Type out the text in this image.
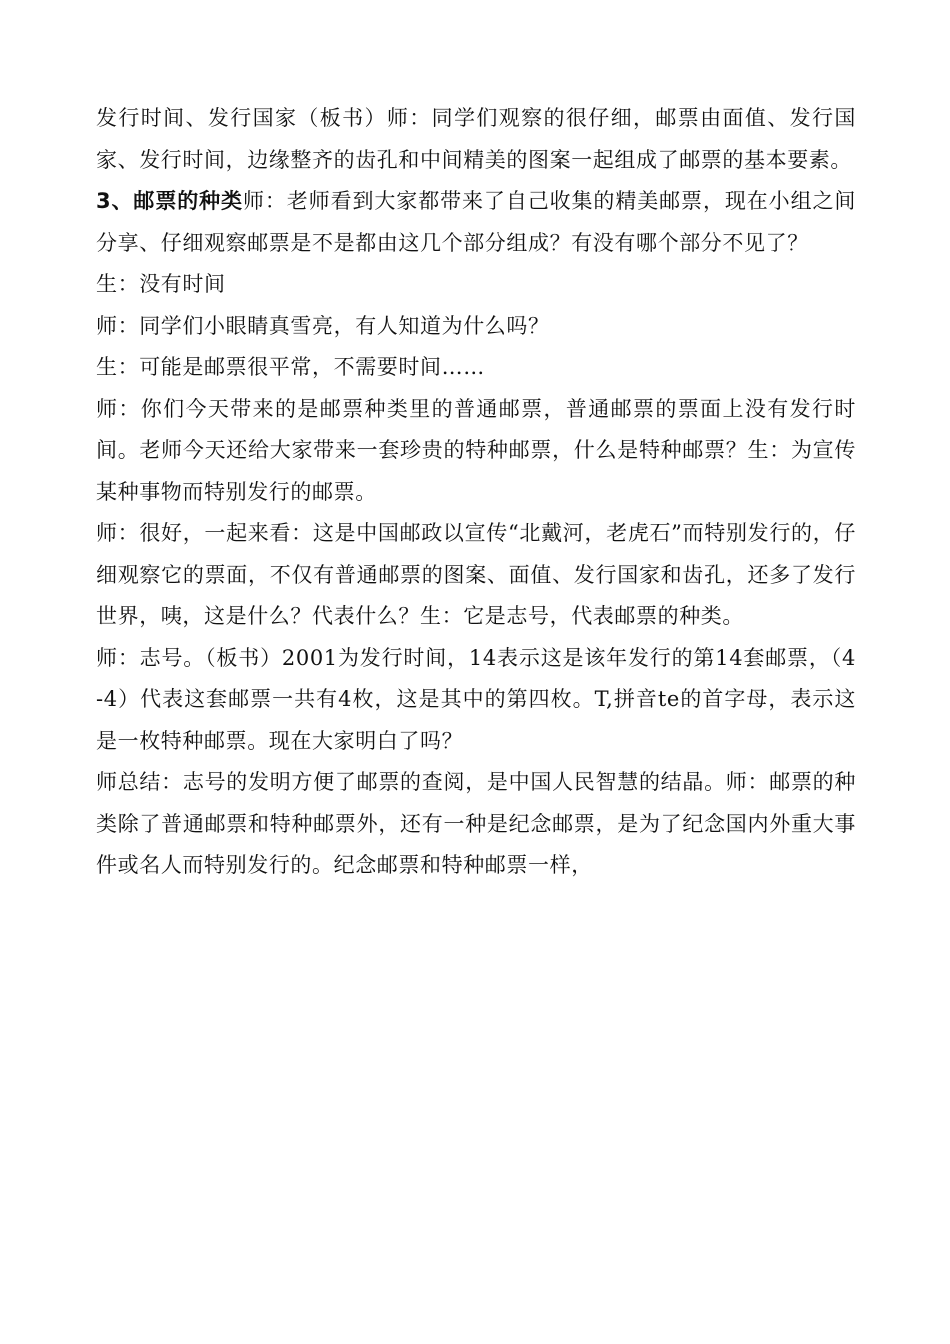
发行时间、发行国家（板书）师：同学们观察的很仔细，邮票由面值、发行国家、发行时间，边缘整齐的齿孔和中间精美的图案一起组成了邮票的基本要素。

3、邮票的种类师：老师看到大家都带来了自己收集的精美邮票，现在小组之间分享、仔细观察邮票是不是都由这几个部分组成？有没有哪个部分不见了？

生：没有时间

师：同学们小眼睛真雪亮，有人知道为什么吗？

生：可能是邮票很平常，不需要时间……

师：你们今天带来的是邮票种类里的普通邮票，普通邮票的票面上没有发行时间。老师今天还给大家带来一套珍贵的特种邮票，什么是特种邮票？生：为宣传某种事物而特别发行的邮票。

师：很好，一起来看：这是中国邮政以宣传“北戴河，老虎石”而特别发行的，仔细观察它的票面，不仅有普通邮票的图案、面值、发行国家和齿孔，还多了发行世界，咦，这是什么？代表什么？生：它是志号，代表邮票的种类。

师：志号。（板书）2001为发行时间，14表示这是该年发行的第14套邮票，（4-4）代表这套邮票一共有4枚，这是其中的第四枚。T,拼音te的首字母，表示这是一枚特种邮票。现在大家明白了吗？

师总结：志号的发明方便了邮票的查阅，是中国人民智慧的结晶。师：邮票的种类除了普通邮票和特种邮票外，还有一种是纪念邮票，是为了纪念国内外重大事件或名人而特别发行的。纪念邮票和特种邮票一样，
